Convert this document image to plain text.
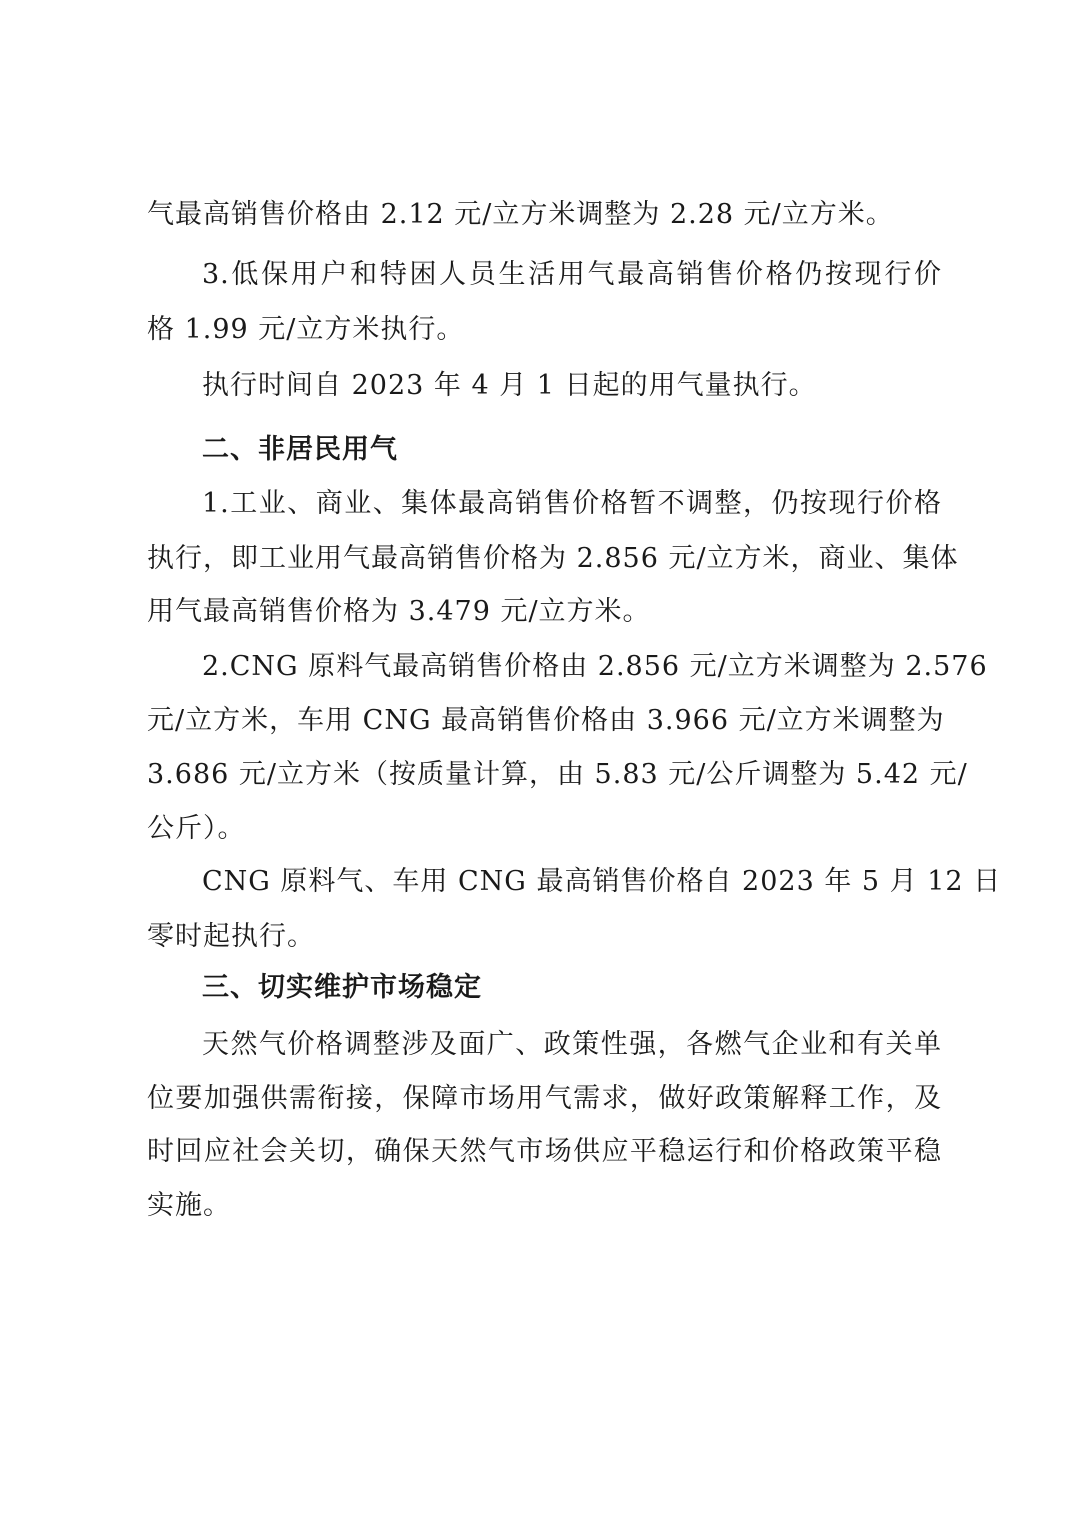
气最高销售价格由 2.12 元/立方米调整为 2.28 元/立方米。
3.低保用户和特困人员生活用气最高销售价格仍按现行价
格 1.99 元/立方米执行。
执行时间自 2023 年 4 月 1 日起的用气量执行。
二、非居民用气
1.工业、商业、集体最高销售价格暂不调整，仍按现行价格
执行，即工业用气最高销售价格为 2.856 元/立方米，商业、集体
用气最高销售价格为 3.479 元/立方米。
2.CNG 原料气最高销售价格由 2.856 元/立方米调整为 2.576
元/立方米，车用 CNG 最高销售价格由 3.966 元/立方米调整为
3.686 元/立方米（按质量计算，由 5.83 元/公斤调整为 5.42 元/
公斤）。
CNG 原料气、车用 CNG 最高销售价格自 2023 年 5 月 12 日
零时起执行。
三、切实维护市场稳定
天然气价格调整涉及面广、政策性强，各燃气企业和有关单
位要加强供需衔接，保障市场用气需求，做好政策解释工作，及
时回应社会关切，确保天然气市场供应平稳运行和价格政策平稳
实施。
